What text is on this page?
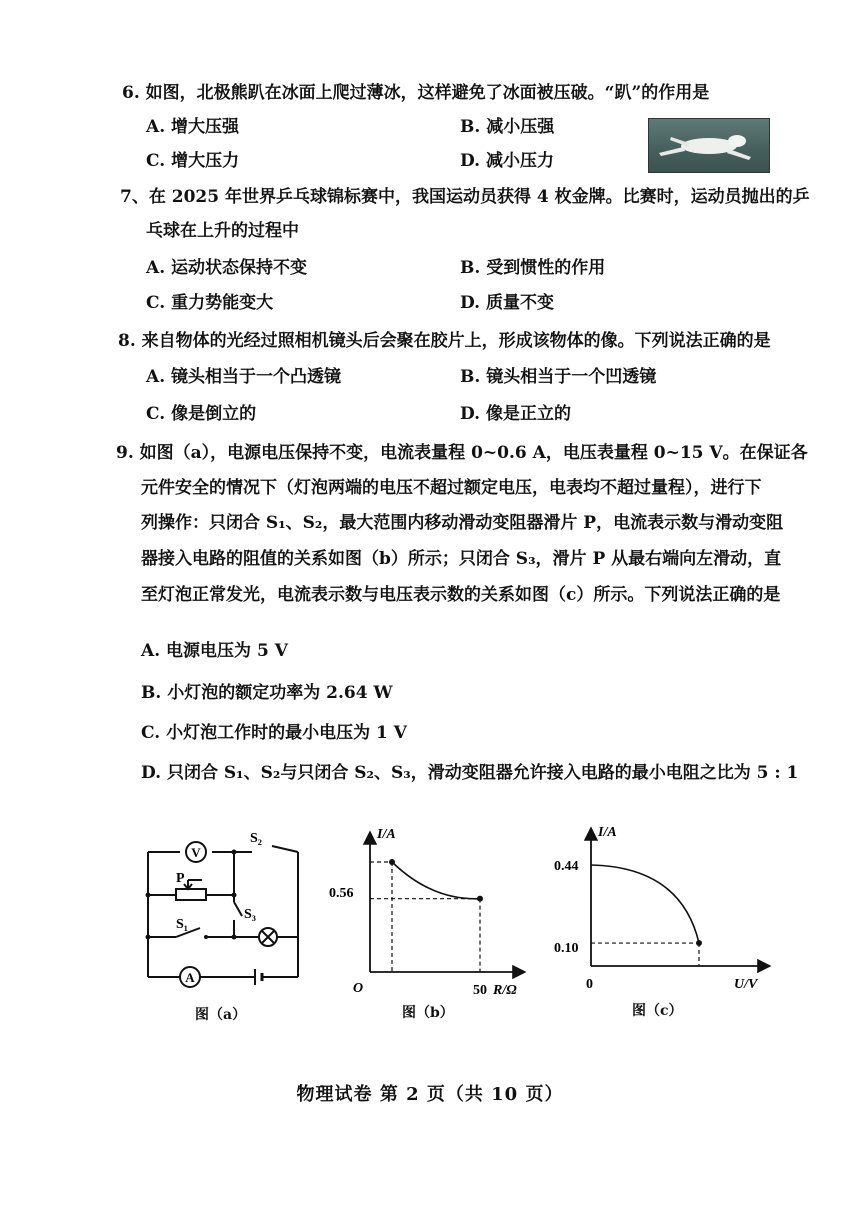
6. 如图，北极熊趴在冰面上爬过薄冰，这样避免了冰面被压破。“趴”的作用是
A. 增大压强	B. 减小压强
C. 增大压力	D. 减小压力
7、在 2025 年世界乒乓球锦标赛中，我国运动员获得 4 枚金牌。比赛时，运动员抛出的乒
乓球在上升的过程中
A. 运动状态保持不变	B. 受到惯性的作用
C. 重力势能变大	D. 质量不变
8. 来自物体的光经过照相机镜头后会聚在胶片上，形成该物体的像。下列说法正确的是
A. 镜头相当于一个凸透镜	B. 镜头相当于一个凹透镜
C. 像是倒立的	D. 像是正立的
9. 如图（a），电源电压保持不变，电流表量程 0~0.6 A，电压表量程 0~15 V。在保证各
元件安全的情况下（灯泡两端的电压不超过额定电压，电表均不超过量程），进行下
列操作：只闭合 S₁、S₂，最大范围内移动滑动变阻器滑片 P，电流表示数与滑动变阻
器接入电路的阻值的关系如图（b）所示；只闭合 S₃，滑片 P 从最右端向左滑动，直
至灯泡正常发光，电流表示数与电压表示数的关系如图（c）所示。下列说法正确的是
A. 电源电压为 5 V
B. 小灯泡的额定功率为 2.64 W
C. 小灯泡工作时的最小电压为 1 V
D. 只闭合 S₁、S₂与只闭合 S₂、S₃，滑动变阻器允许接入电路的最小电阻之比为 5 : 1
V
A
S₂
S₃
S₁
P
图（a）
I/A
R/Ω
O
0.56
50
图（b）
I/A
U/V
0
0.44
0.10
图（c）
物理试卷 第 2 页（共 10 页）
